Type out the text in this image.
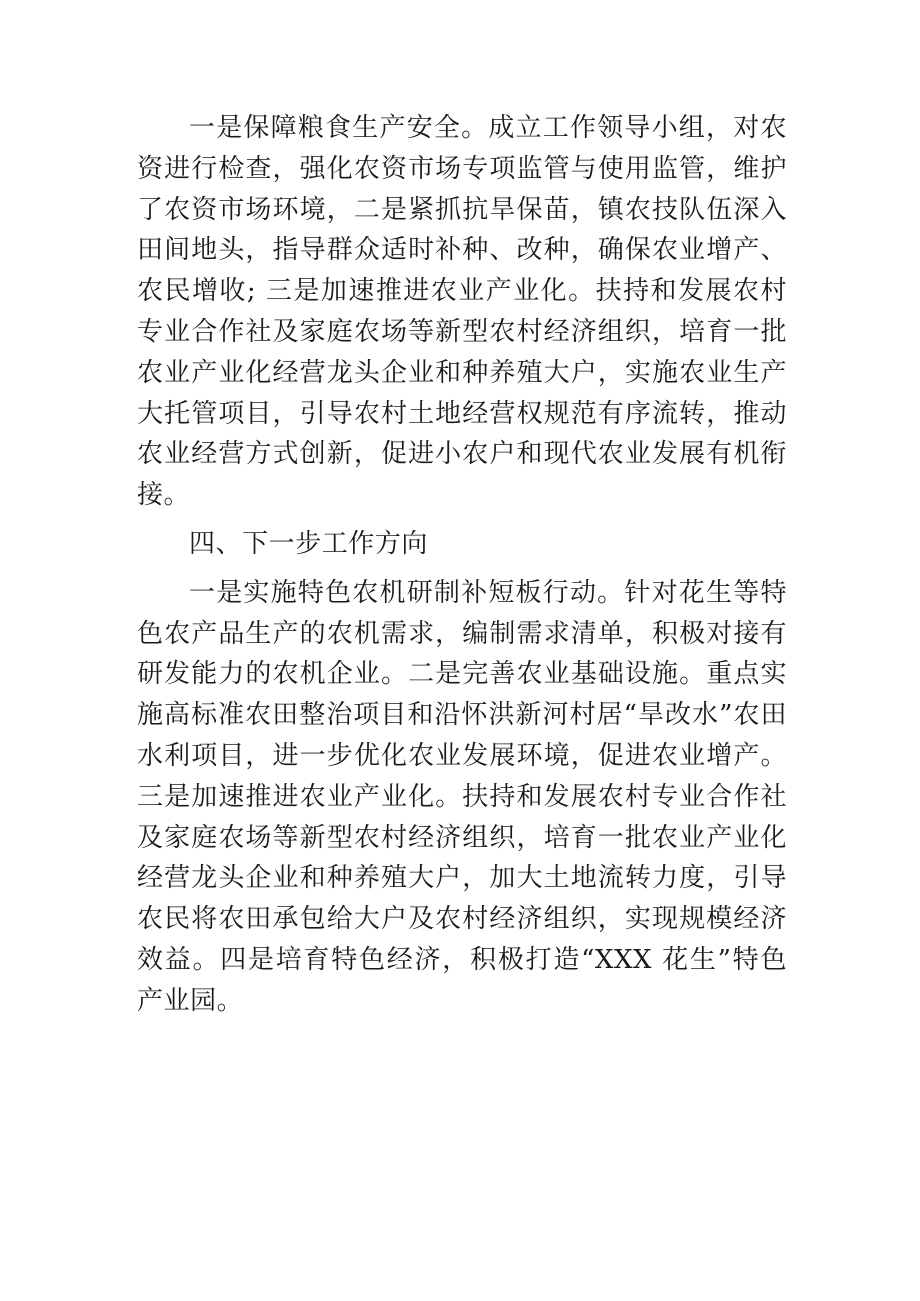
一是保障粮食生产安全。成立工作领导小组，对农资进行检查，强化农资市场专项监管与使用监管，维护了农资市场环境，二是紧抓抗旱保苗，镇农技队伍深入田间地头，指导群众适时补种、改种，确保农业增产、农民增收; 三是加速推进农业产业化。扶持和发展农村专业合作社及家庭农场等新型农村经济组织，培育一批农业产业化经营龙头企业和种养殖大户，实施农业生产大托管项目，引导农村土地经营权规范有序流转，推动农业经营方式创新，促进小农户和现代农业发展有机衔接。

四、下一步工作方向

一是实施特色农机研制补短板行动。针对花生等特色农产品生产的农机需求，编制需求清单，积极对接有研发能力的农机企业。二是完善农业基础设施。重点实施高标准农田整治项目和沿怀洪新河村居“旱改水”农田水利项目，进一步优化农业发展环境，促进农业增产。三是加速推进农业产业化。扶持和发展农村专业合作社及家庭农场等新型农村经济组织，培育一批农业产业化经营龙头企业和种养殖大户，加大土地流转力度，引导农民将农田承包给大户及农村经济组织，实现规模经济效益。四是培育特色经济，积极打造“XXX 花生”特色产业园。
